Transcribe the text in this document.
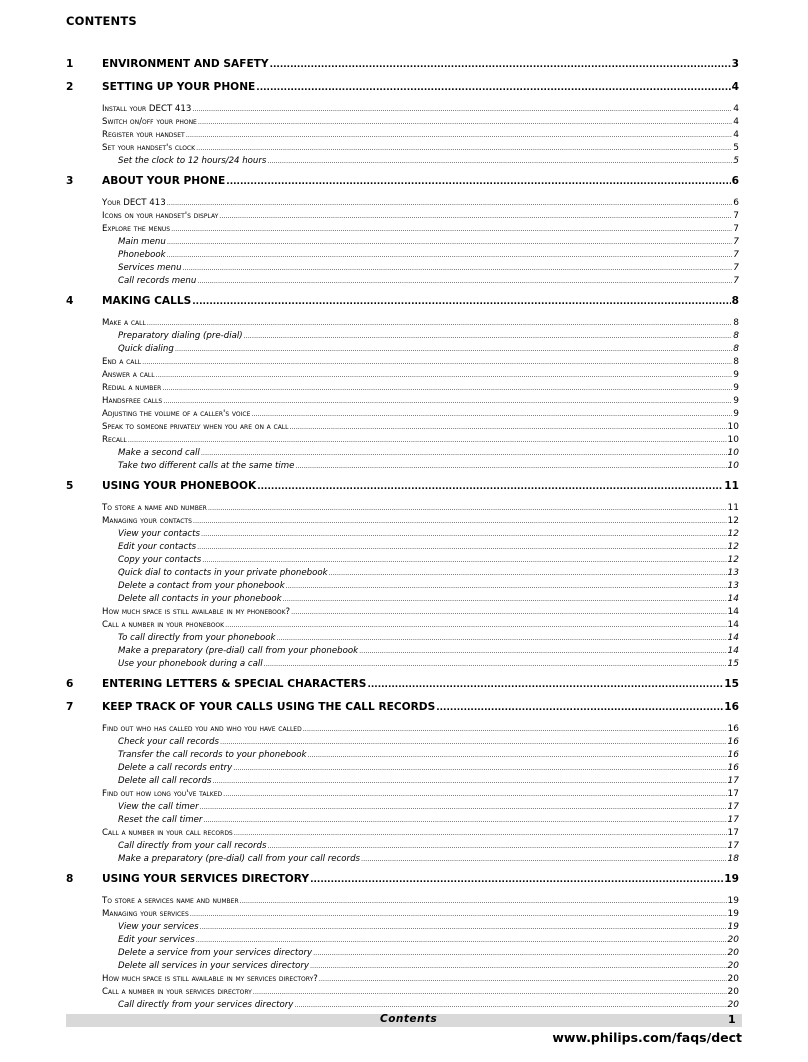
CONTENTS
1	ENVIRONMENT AND SAFETY .....	3
2	SETTING UP YOUR PHONE .....	4
Install your DECT 413 .....	4
Switch on/off your phone .....	4
Register your handset .....	4
Set your handset's clock .....	5
Set the clock to 12 hours/24 hours .....	5
3	ABOUT YOUR PHONE .....	6
Your DECT 413 .....	6
Icons on your handset's display .....	7
Explore the menus .....	7
Main menu .....	7
Phonebook .....	7
Services menu .....	7
Call records menu .....	7
4	MAKING CALLS .....	8
Make a call .....	8
Preparatory dialing (pre-dial) .....	8
Quick dialing .....	8
End a call .....	8
Answer a call .....	9
Redial a number .....	9
Handsfree calls .....	9
Adjusting the volume of a caller's voice .....	9
Speak to someone privately when you are on a call .....	10
Recall .....	10
Make a second call .....	10
Take two different calls at the same time .....	10
5	USING YOUR PHONEBOOK .....	11
To store a name and number .....	11
Managing your contacts .....	12
View your contacts .....	12
Edit your contacts .....	12
Copy your contacts .....	12
Quick dial to contacts in your private phonebook .....	13
Delete a contact from your phonebook .....	13
Delete all contacts in your phonebook .....	14
How much space is still available in my phonebook? .....	14
Call a number in your phonebook .....	14
To call directly from your phonebook .....	14
Make a preparatory (pre-dial) call from your phonebook .....	14
Use your phonebook during a call .....	15
6	ENTERING LETTERS & SPECIAL CHARACTERS .....	15
7	KEEP TRACK OF YOUR CALLS USING THE CALL RECORDS .....	16
Find out who has called you and who you have called .....	16
Check your call records .....	16
Transfer the call records to your phonebook .....	16
Delete a call records entry .....	16
Delete all call records .....	17
Find out how long you've talked .....	17
View the call timer .....	17
Reset the call timer .....	17
Call a number in your call records .....	17
Call directly from your call records .....	17
Make a preparatory (pre-dial) call from your call records .....	18
8	USING YOUR SERVICES DIRECTORY .....	19
To store a services name and number .....	19
Managing your services .....	19
View your services .....	19
Edit your services .....	20
Delete a service from your services directory .....	20
Delete all services in your services directory .....	20
How much space is still available in my services directory? .....	20
Call a number in your services directory .....	20
Call directly from your services directory .....	20
Contents	1
www.philips.com/faqs/dect
